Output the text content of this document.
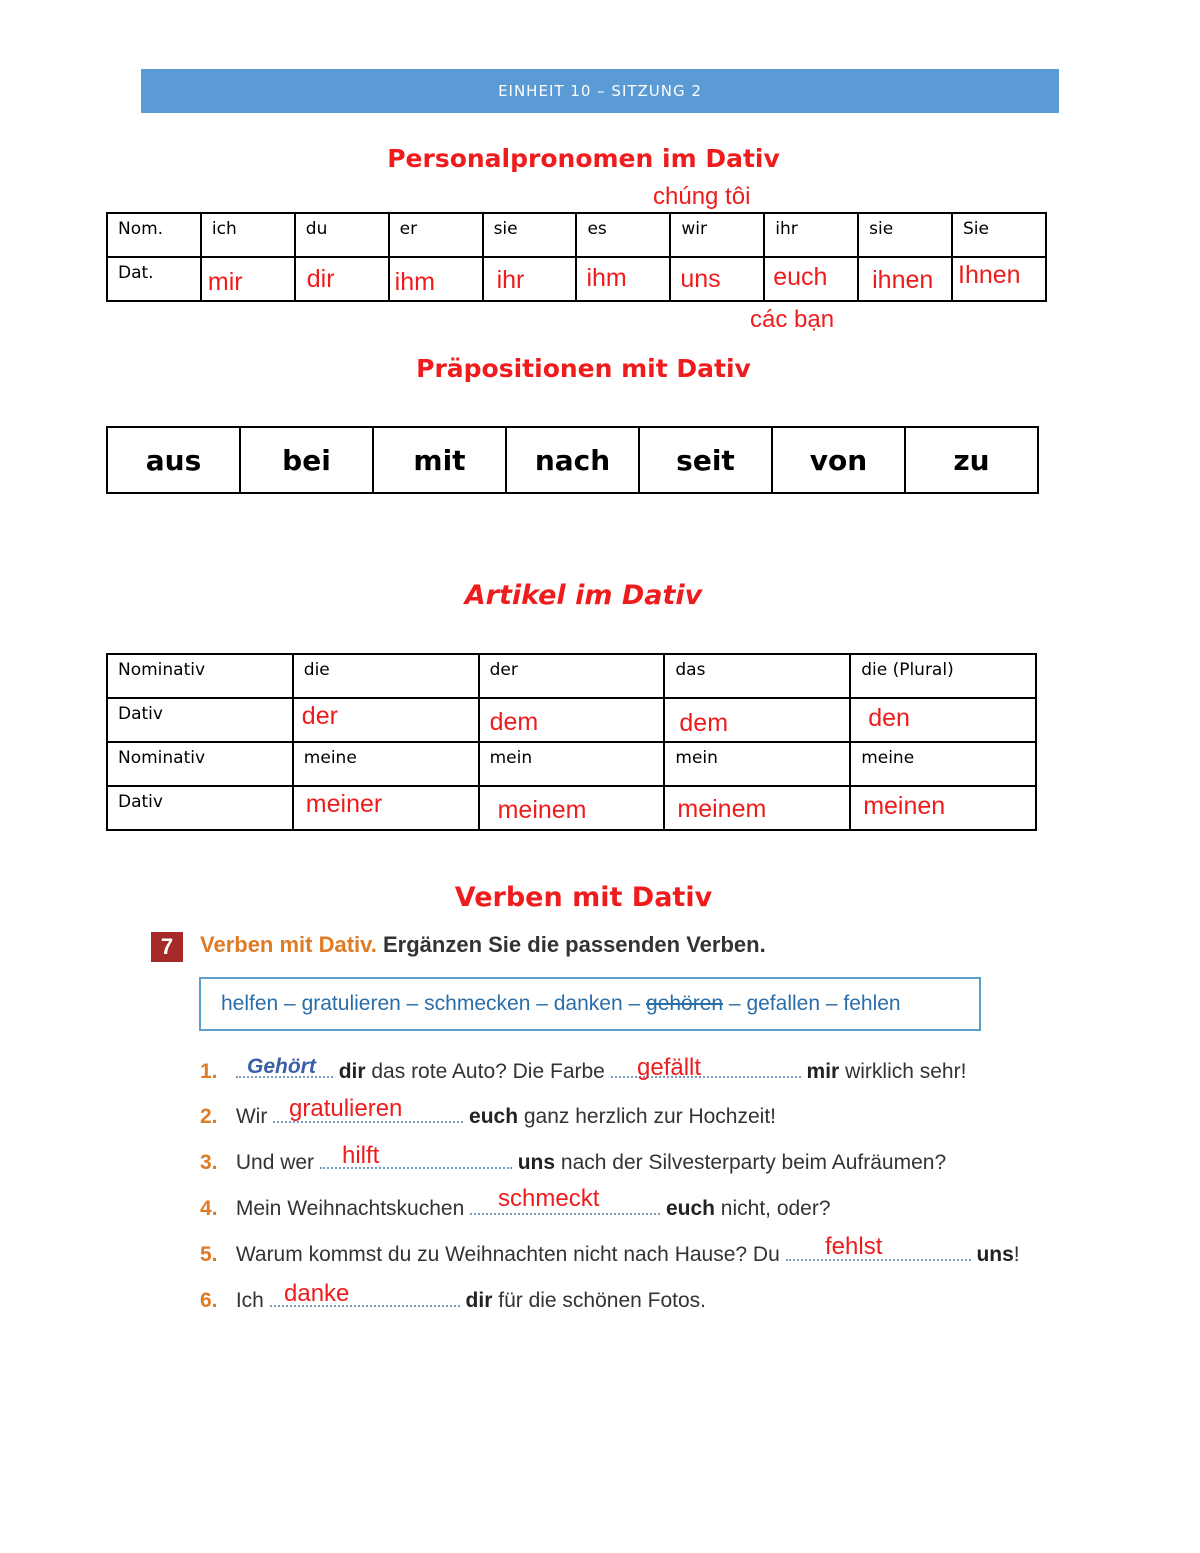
EINHEIT 10 – SITZUNG 2
Personalpronomen im Dativ
chúng tôi
Nom.	ich	du	er	sie	es	wir	ihr	sie	Sie

Dat.	mir	dir	ihm	ihr	ihm	uns	euch	ihnen	Ihnen
các bạn
Präpositionen mit Dativ
aus	bei	mit	nach	seit	von	zu
Artikel im Dativ
Nominativ	die	der	das	die (Plural)

Dativ	der	dem	dem	den

Nominativ	meine	mein	mein	meine

Dativ	meiner	meinem	meinem	meinen
Verben mit Dativ
7	Verben mit Dativ. Ergänzen Sie die passenden Verben.
helfen – gratulieren – schmecken – danken – gehören – gefallen – fehlen
1.	dir das rote Auto? Die Farbe	mir wirklich sehr!
Gehört	gefällt
2. Wir	euch ganz herzlich zur Hochzeit!
gratulieren
3. Und wer	uns nach der Silvesterparty beim Aufräumen?
hilft
4. Mein Weihnachtskuchen	euch nicht, oder?
schmeckt
5. Warum kommst du zu Weihnachten nicht nach Hause? Du	uns!
fehlst
6. Ich	dir für die schönen Fotos.
danke
